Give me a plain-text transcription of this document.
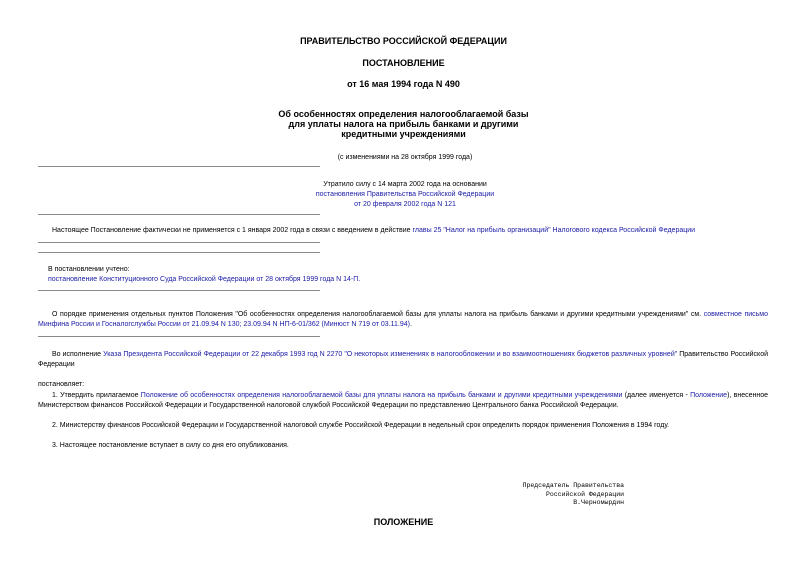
ПРАВИТЕЛЬСТВО РОССИЙСКОЙ ФЕДЕРАЦИИ
ПОСТАНОВЛЕНИЕ
от 16 мая 1994 года N 490
Об особенностях определения налогооблагаемой базы
для уплаты налога на прибыль банками и другими
кредитными учреждениями
(с изменениями на 28 октября 1999 года)
Утратило силу с 14 марта 2002 года на основании
постановления Правительства Российской Федерации
от 20 февраля 2002 года N 121
Настоящее Постановление фактически не применяется с 1 января 2002 года в связи с введением в действие главы 25 "Налог на прибыль организаций" Налогового кодекса Российской Федерации
В постановлении учтено:
постановление Конституционного Суда Российской Федерации от 28 октября 1999 года N 14-П.
О порядке применения отдельных пунктов Положения "Об особенностях определения налогооблагаемой базы для уплаты налога на прибыль банками и другими кредитными учреждениями" см. совместное письмо Минфина России и Госналогслужбы России от 21.09.94 N 130; 23.09.94 N НП-6-01/362 (Минюст N 719 от 03.11.94).
Во исполнение Указа Президента Российской Федерации от 22 декабря 1993 год N 2270 "О некоторых изменениях в налогообложении и во взаимоотношениях бюджетов различных уровней" Правительство Российской Федерации
постановляет:
1. Утвердить прилагаемое Положение об особенностях определения налогооблагаемой базы для уплаты налога на прибыль банками и другими кредитными учреждениями (далее именуется - Положение), внесенное Министерством финансов Российской Федерации и Государственной налоговой службой Российской Федерации по представлению Центрального банка Российской Федерации.
2. Министерству финансов Российской Федерации и Государственной налоговой службе Российской Федерации в недельный срок определить порядок применения Положения в 1994 году.
3. Настоящее постановление вступает в силу со дня его опубликования.
Председатель Правительства
Российской Федерации
В.Черномырдин
ПОЛОЖЕНИЕ
